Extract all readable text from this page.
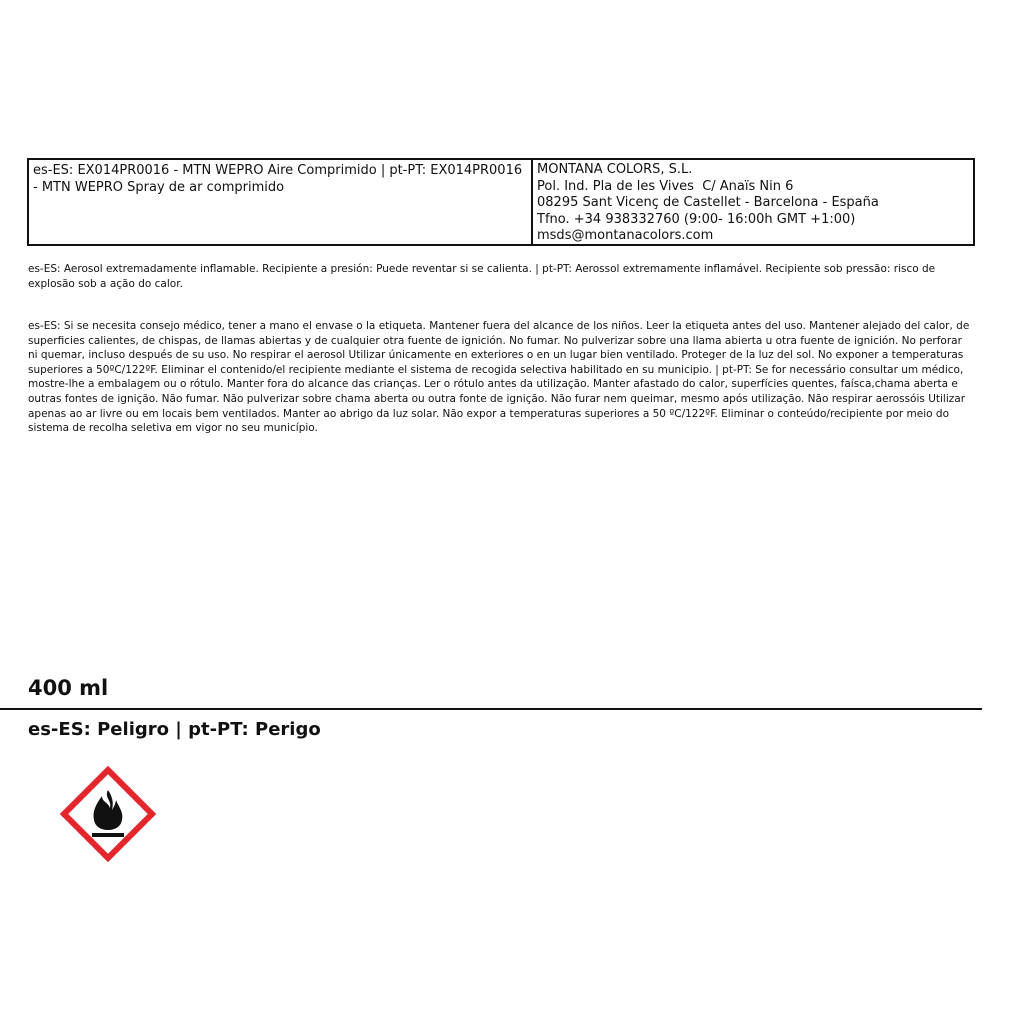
es-ES: EX014PR0016 - MTN WEPRO Aire Comprimido | pt-PT: EX014PR0016 - MTN WEPRO Spray de ar comprimido
MONTANA COLORS, S.L.
Pol. Ind. Pla de les Vives  C/ Anaïs Nin 6
08295 Sant Vicenç de Castellet - Barcelona - España
Tfno. +34 938332760 (9:00- 16:00h GMT +1:00)
msds@montanacolors.com
es-ES: Aerosol extremadamente inflamable. Recipiente a presión: Puede reventar si se calienta. | pt-PT: Aerossol extremamente inflamável. Recipiente sob pressão: risco de explosão sob a ação do calor.
es-ES: Si se necesita consejo médico, tener a mano el envase o la etiqueta. Mantener fuera del alcance de los niños. Leer la etiqueta antes del uso. Mantener alejado del calor, de superficies calientes, de chispas, de llamas abiertas y de cualquier otra fuente de ignición. No fumar. No pulverizar sobre una llama abierta u otra fuente de ignición. No perforar ni quemar, incluso después de su uso. No respirar el aerosol Utilizar únicamente en exteriores o en un lugar bien ventilado. Proteger de la luz del sol. No exponer a temperaturas superiores a 50ºC/122ºF. Eliminar el contenido/el recipiente mediante el sistema de recogida selectiva habilitado en su municipio. | pt-PT: Se for necessário consultar um médico, mostre-lhe a embalagem ou o rótulo. Manter fora do alcance das crianças. Ler o rótulo antes da utilização. Manter afastado do calor, superfícies quentes, faísca,chama aberta e outras fontes de ignição. Não fumar. Não pulverizar sobre chama aberta ou outra fonte de ignição. Não furar nem queimar, mesmo após utilização. Não respirar aerossóis Utilizar apenas ao ar livre ou em locais bem ventilados. Manter ao abrigo da luz solar. Não expor a temperaturas superiores a 50 ºC/122ºF. Eliminar o conteúdo/recipiente por meio do sistema de recolha seletiva em vigor no seu município.
400 ml
es-ES: Peligro | pt-PT: Perigo
